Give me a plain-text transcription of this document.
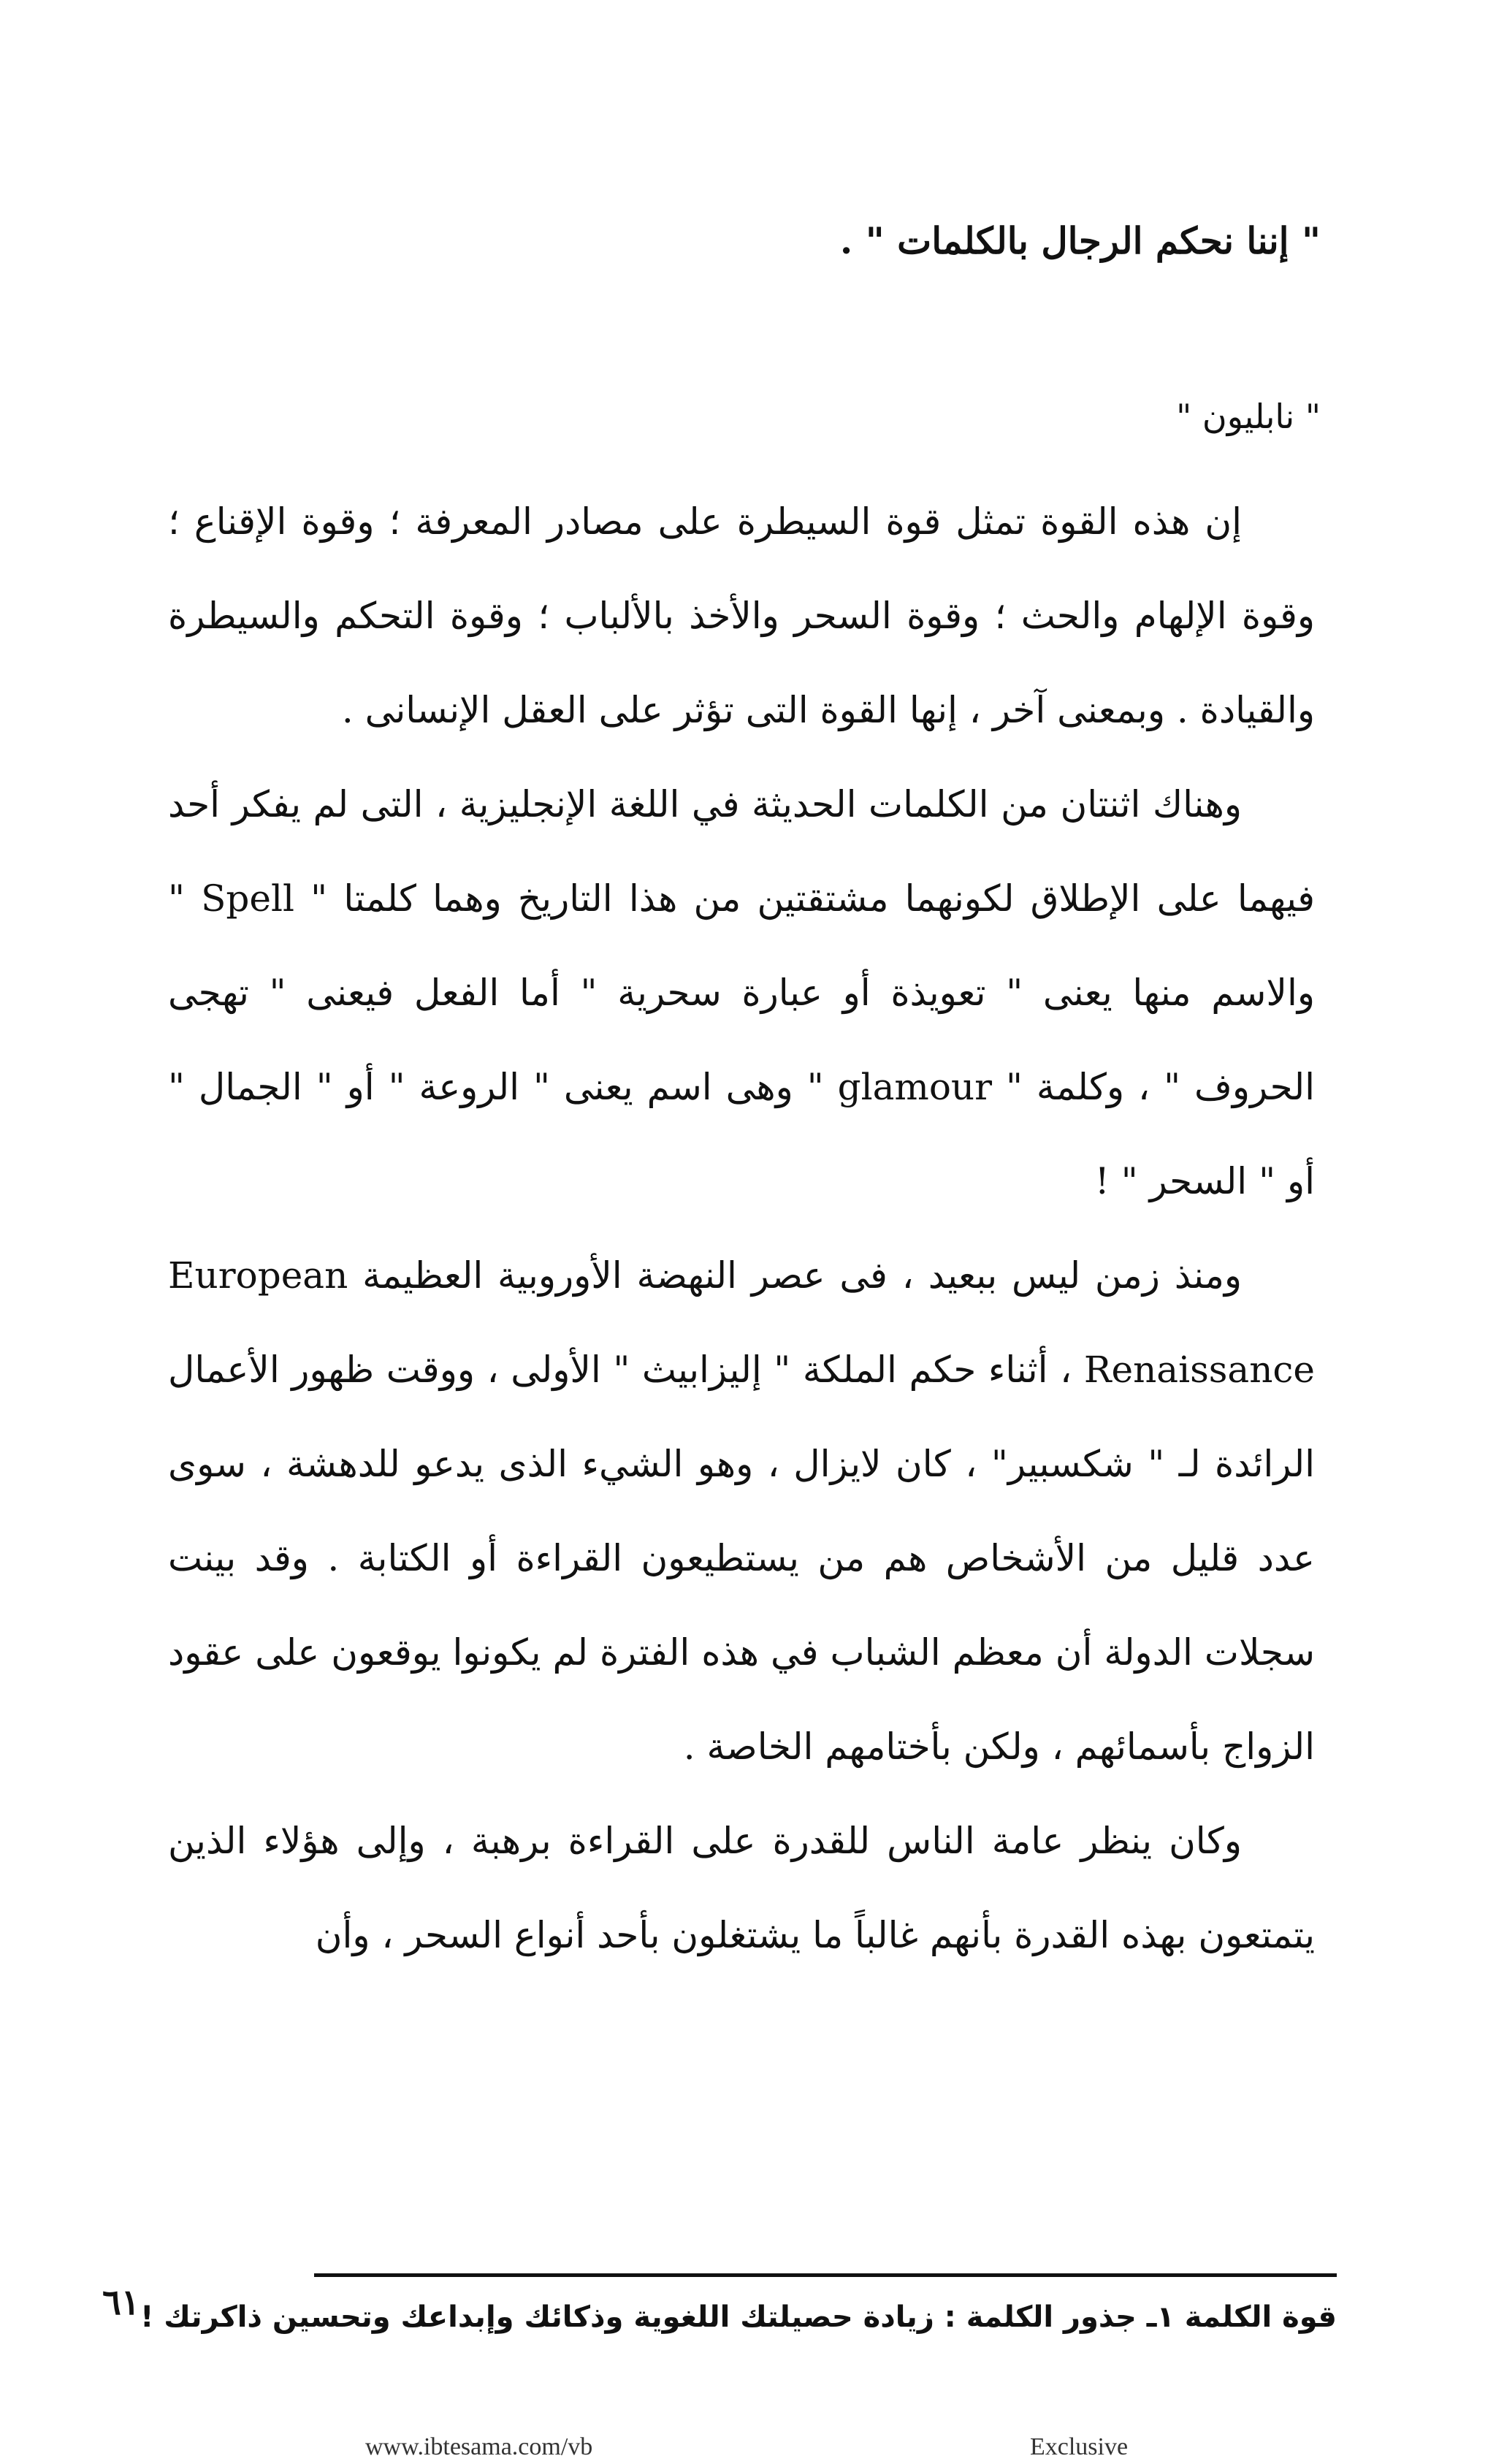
" إننا نحكم الرجال بالكلمات " .
" نابليون "

إن هذه القوة تمثل قوة السيطرة على مصادر المعرفة ؛ وقوة الإقناع ؛ وقوة الإلهام والحث ؛ وقوة السحر والأخذ بالألباب ؛ وقوة التحكم والسيطرة والقيادة . وبمعنى آخر ، إنها القوة التى تؤثر على العقل الإنسانى .

وهناك اثنتان من الكلمات الحديثة في اللغة الإنجليزية ، التى لم يفكر أحد فيهما على الإطلاق لكونهما مشتقتين من هذا التاريخ وهما كلمتا " Spell " والاسم منها يعنى " تعويذة أو عبارة سحرية " أما الفعل فيعنى " تهجى الحروف " ، وكلمة " glamour " وهى اسم يعنى " الروعة " أو " الجمال " أو " السحر " !

ومنذ زمن ليس ببعيد ، فى عصر النهضة الأوروبية العظيمة European Renaissance ، أثناء حكم الملكة " إليزابيث " الأولى ، ووقت ظهور الأعمال الرائدة لـ " شكسبير" ، كان لايزال ، وهو الشيء الذى يدعو للدهشة ، سوى عدد قليل من الأشخاص هم من يستطيعون القراءة أو الكتابة . وقد بينت سجلات الدولة أن معظم الشباب في هذه الفترة لم يكونوا يوقعون على عقود الزواج بأسمائهم ، ولكن بأختامهم الخاصة .

وكان ينظر عامة الناس للقدرة على القراءة برهبة ، وإلى هؤلاء الذين يتمتعون بهذه القدرة بأنهم غالباً ما يشتغلون بأحد أنواع السحر ، وأن

٦١ قوة الكلمة ١ـ جذور الكلمة : زيادة حصيلتك اللغوية وذكائك وإبداعك وتحسين ذاكرتك !
www.ibtesama.com/vb	Exclusive
